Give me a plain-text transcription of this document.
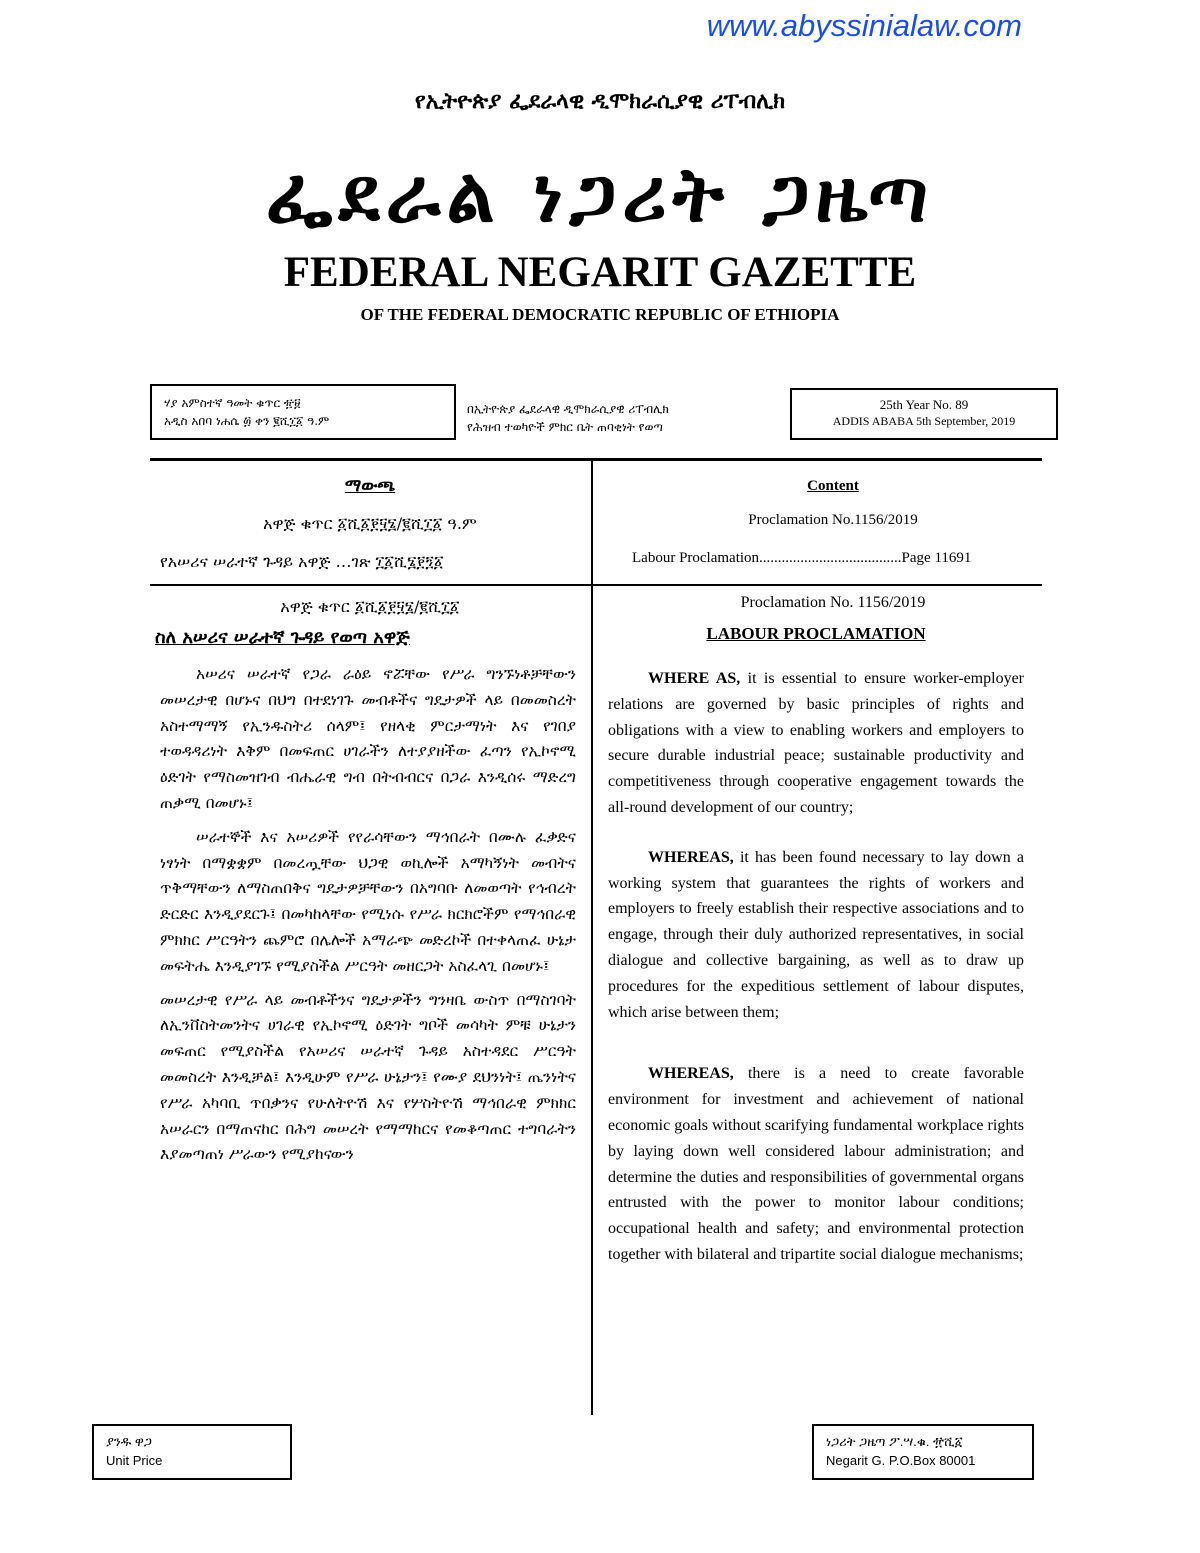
www.abyssinialaw.com
የኢትዮጵያ ፌደራላዊ ዲሞክራሲያዊ ሪፐብሊክ
ፌደራል ነጋሪት ጋዜጣ
FEDERAL NEGARIT GAZETTE
OF THE FEDERAL DEMOCRATIC REPUBLIC OF ETHIOPIA
ሃያ አምስተኛ ዓመት ቁጥር ፹፱
አዲስ አበባ ነሐሴ ፴ ቀን ፪ሺ፲፩ ዓ.ም
በኢትዮጵያ ፌደራላዊ ዲሞክራሲያዊ ሪፐብሊክ
የሕዝብ ተወካዮች ምክር ቤት ጠባቂነት የወጣ
25th Year No. 89
ADDIS ABABA 5th September, 2019
ማውጫ
አዋጅ ቁጥር ፩ሺ፩፻፶፮/፪ሺ፲፩ ዓ.ም
የአሠሪና ሠራተኛ ጉዳይ አዋጅ …ገጽ ፲፩ሺ፮፻፺፩
Content
Proclamation No.1156/2019
Labour Proclamation......................................Page 11691
አዋጅ ቁጥር ፩ሺ፩፻፶፮/፪ሺ፲፩
ስለ አሠሪና ሠራተኛ ጉዳይ የወጣ አዋጅ
Proclamation No. 1156/2019
LABOUR PROCLAMATION

አሠሪና ሠራተኛ የጋራ ራዕይ ኖሯቸው የሥራ ግንኙነቶቻቸውን መሠረታዊ በሆኑና በህግ በተደነገጉ መብቶችና ግዴታዎች ላይ በመመስረት አስተማማኝ የኢንዱስትሪ ሰላም፤ የዘላቂ ምርታማነት እና የገበያ ተወዳዳሪነት እቅም በመፍጠር ሀገራችን ለተያያዘችው ፈጣን የኢኮኖሚ ዕድገት የማስመዝገብ ብሔራዊ ግብ በትብብርና በጋራ እንዲሰሩ ማድረግ ጠቃሚ በመሆኑ፤

ሠራተኞች እና አሠሪዎች የየራሳቸውን ማኅበራት በሙሉ ፈቃድና ነፃነት በማቋቋም በመረጧቸው ህጋዊ ወኪሎች አማካኝነት መብትና ጥቅማቸውን ለማስጠበቅና ግዴታዎቻቸውን በአግባቡ ለመወጣት የኅብረት ድርድር እንዲያደርጉ፤ በመካከላቸው የሚነሱ የሥራ ክርክሮችም የማኅበራዊ ምክክር ሥርዓትን ጨምሮ በሌሎች አማራጭ መድረኮች በተቀላጠፈ ሁኔታ መፍትሔ እንዲያገኙ የሚያስችል ሥርዓት መዘርጋት አስፈላጊ በመሆኑ፤

መሠረታዊ የሥራ ላይ መብቶችንና ግዴታዎችን ግንዛቤ ውስጥ በማስገባት ለኢንቨስትመንትና ሀገራዊ የኢኮኖሚ ዕድገት ግቦች መሳካት ምቹ ሁኔታን መፍጠር የሚያስችል የአሠሪና ሠራተኛ ጉዳይ አስተዳደር ሥርዓት መመስረት እንዲቻል፤ እንዲሁም የሥራ ሁኔታን፤ የሙያ ደህንነት፤ ጤንነትና የሥራ አካባቢ ጥበቃንና የሁለትዮሽ እና የሦስትዮሽ ማኅበራዊ ምክክር አሠራርን በማጠናከር በሕግ መሠረት የማማከርና የመቆጣጠር ተግባራትን እያመጣጠነ ሥራውን የሚያከናውን

WHERE AS, it is essential to ensure worker-employer relations are governed by basic principles of rights and obligations with a view to enabling workers and employers to secure durable industrial peace; sustainable productivity and competitiveness through cooperative engagement towards the all-round development of our country;

WHEREAS, it has been found necessary to lay down a working system that guarantees the rights of workers and employers to freely establish their respective associations and to engage, through their duly authorized representatives, in social dialogue and collective bargaining, as well as to draw up procedures for the expeditious settlement of labour disputes, which arise between them;

WHEREAS, there is a need to create favorable environment for investment and achievement of national economic goals without scarifying fundamental workplace rights by laying down well considered labour administration; and determine the duties and responsibilities of governmental organs entrusted with the power to monitor labour conditions; occupational health and safety; and environmental protection together with bilateral and tripartite social dialogue mechanisms;

ያንዱ ዋጋ
Unit Price
ነጋሪት ጋዜጣ ፖ.ሣ.ቁ. ፹ሺ፩
Negarit G. P.O.Box 80001
